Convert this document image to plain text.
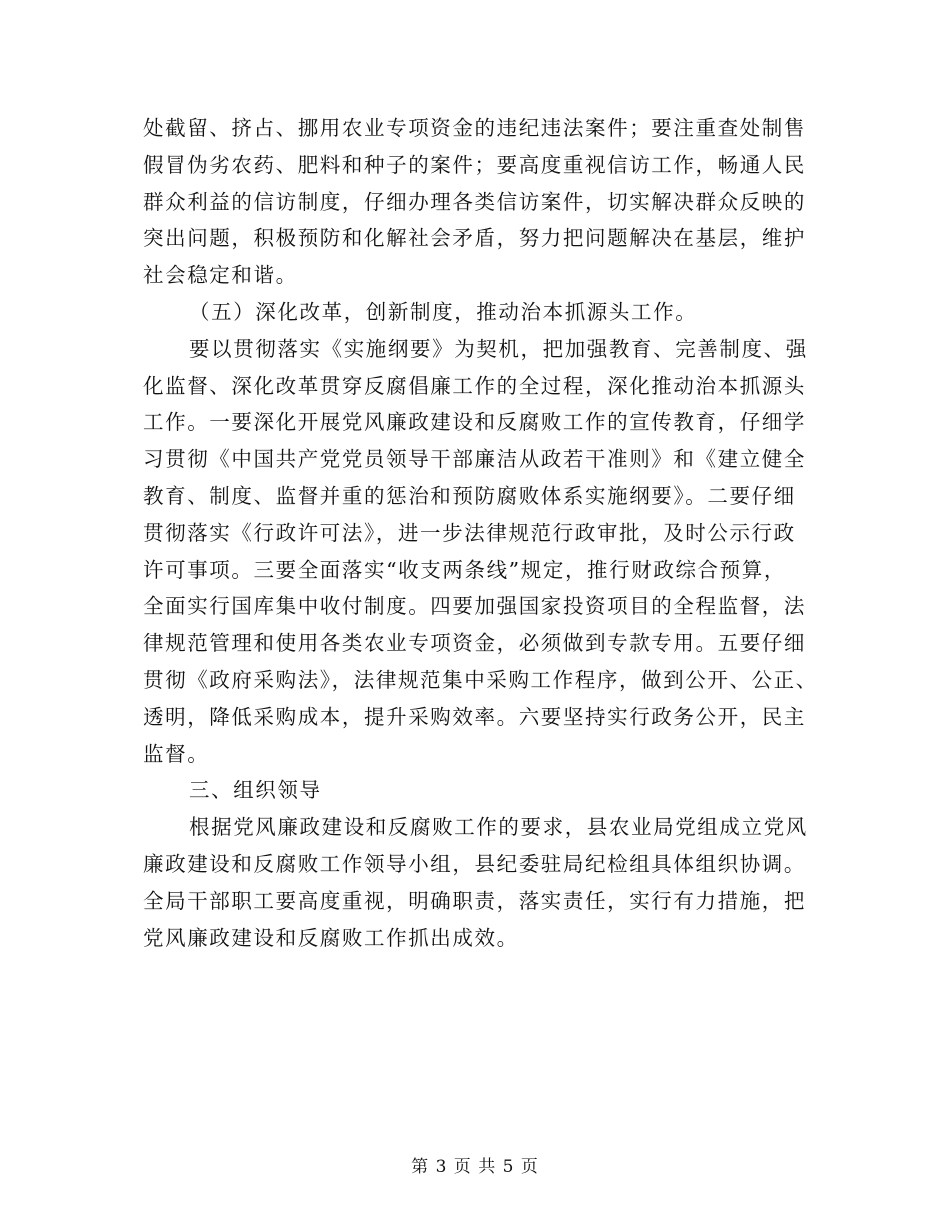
处截留、挤占、挪用农业专项资金的违纪违法案件；要注重查处制售
假冒伪劣农药、肥料和种子的案件；要高度重视信访工作，畅通人民
群众利益的信访制度，仔细办理各类信访案件，切实解决群众反映的
突出问题，积极预防和化解社会矛盾，努力把问题解决在基层，维护
社会稳定和谐。
（五）深化改革，创新制度，推动治本抓源头工作。
要以贯彻落实《实施纲要》为契机，把加强教育、完善制度、强
化监督、深化改革贯穿反腐倡廉工作的全过程，深化推动治本抓源头
工作。一要深化开展党风廉政建设和反腐败工作的宣传教育，仔细学
习贯彻《中国共产党党员领导干部廉洁从政若干准则》和《建立健全
教育、制度、监督并重的惩治和预防腐败体系实施纲要》。二要仔细
贯彻落实《行政许可法》，进一步法律规范行政审批，及时公示行政
许可事项。三要全面落实“收支两条线”规定，推行财政综合预算，
全面实行国库集中收付制度。四要加强国家投资项目的全程监督，法
律规范管理和使用各类农业专项资金，必须做到专款专用。五要仔细
贯彻《政府采购法》，法律规范集中采购工作程序，做到公开、公正、
透明，降低采购成本，提升采购效率。六要坚持实行政务公开，民主
监督。
三、组织领导
根据党风廉政建设和反腐败工作的要求，县农业局党组成立党风
廉政建设和反腐败工作领导小组，县纪委驻局纪检组具体组织协调。
全局干部职工要高度重视，明确职责，落实责任，实行有力措施，把
党风廉政建设和反腐败工作抓出成效。
第 3 页 共 5 页
